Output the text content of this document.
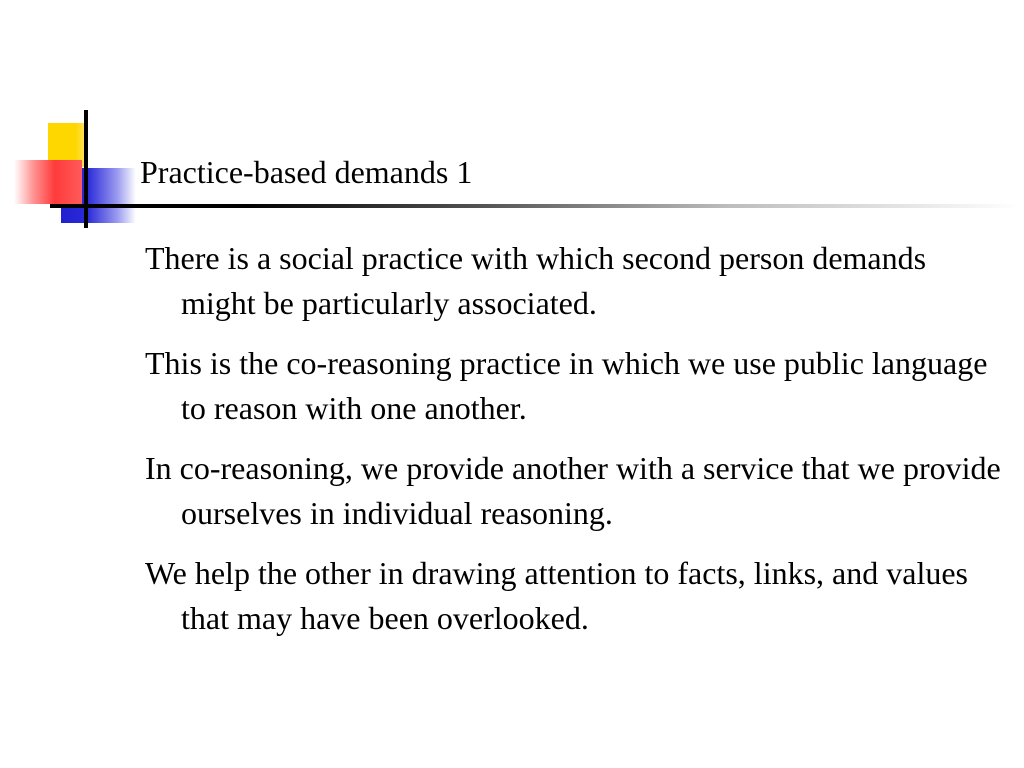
Practice-based demands 1
There is a social practice with which second person demands might be particularly associated.
This is the co-reasoning practice in which we use public language to reason with one another.
In co-reasoning, we provide another with a service that we provide ourselves in individual reasoning.
We help the other in drawing attention to facts, links, and values that may have been overlooked.
